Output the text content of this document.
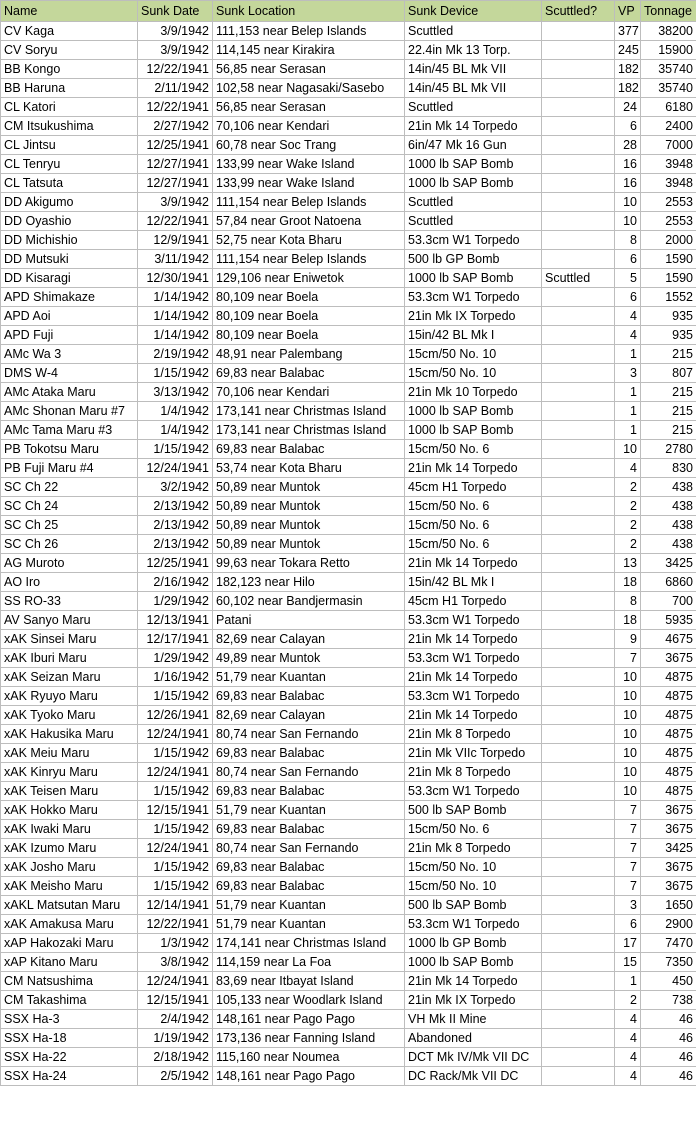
Name	Sunk Date	Sunk Location	Sunk Device	Scuttled?	VP	Tonnage
CV Kaga	3/9/1942	111,153 near Belep Islands	Scuttled		377	38200
CV Soryu	3/9/1942	114,145 near Kirakira	22.4in Mk 13 Torp.		245	15900
BB Kongo	12/22/1941	56,85 near Serasan	14in/45 BL Mk VII		182	35740
BB Haruna	2/11/1942	102,58 near Nagasaki/Sasebo	14in/45 BL Mk VII		182	35740
CL Katori	12/22/1941	56,85 near Serasan	Scuttled		24	6180
CM Itsukushima	2/27/1942	70,106 near Kendari	21in Mk 14 Torpedo		6	2400
CL Jintsu	12/25/1941	60,78 near Soc Trang	6in/47 Mk 16 Gun		28	7000
CL Tenryu	12/27/1941	133,99 near Wake Island	1000 lb SAP Bomb		16	3948
CL Tatsuta	12/27/1941	133,99 near Wake Island	1000 lb SAP Bomb		16	3948
DD Akigumo	3/9/1942	111,154 near Belep Islands	Scuttled		10	2553
DD Oyashio	12/22/1941	57,84 near Groot Natoena	Scuttled		10	2553
DD Michishio	12/9/1941	52,75 near Kota Bharu	53.3cm W1 Torpedo		8	2000
DD Mutsuki	3/11/1942	111,154 near Belep Islands	500 lb GP Bomb		6	1590
DD Kisaragi	12/30/1941	129,106 near Eniwetok	1000 lb SAP Bomb	Scuttled	5	1590
APD Shimakaze	1/14/1942	80,109 near Boela	53.3cm W1 Torpedo		6	1552
APD Aoi	1/14/1942	80,109 near Boela	21in Mk IX Torpedo		4	935
APD Fuji	1/14/1942	80,109 near Boela	15in/42 BL Mk I		4	935
AMc Wa 3	2/19/1942	48,91 near Palembang	15cm/50 No. 10		1	215
DMS W-4	1/15/1942	69,83 near Balabac	15cm/50 No. 10		3	807
AMc Ataka Maru	3/13/1942	70,106 near Kendari	21in Mk 10 Torpedo		1	215
AMc Shonan Maru #7	1/4/1942	173,141 near Christmas Island	1000 lb SAP Bomb		1	215
AMc Tama Maru #3	1/4/1942	173,141 near Christmas Island	1000 lb SAP Bomb		1	215
PB Tokotsu Maru	1/15/1942	69,83 near Balabac	15cm/50 No. 6		10	2780
PB Fuji Maru #4	12/24/1941	53,74 near Kota Bharu	21in Mk 14 Torpedo		4	830
SC Ch 22	3/2/1942	50,89 near Muntok	45cm H1 Torpedo		2	438
SC Ch 24	2/13/1942	50,89 near Muntok	15cm/50 No. 6		2	438
SC Ch 25	2/13/1942	50,89 near Muntok	15cm/50 No. 6		2	438
SC Ch 26	2/13/1942	50,89 near Muntok	15cm/50 No. 6		2	438
AG Muroto	12/25/1941	99,63 near Tokara Retto	21in Mk 14 Torpedo		13	3425
AO Iro	2/16/1942	182,123 near Hilo	15in/42 BL Mk I		18	6860
SS RO-33	1/29/1942	60,102 near Bandjermasin	45cm H1 Torpedo		8	700
AV Sanyo Maru	12/13/1941	Patani	53.3cm W1 Torpedo		18	5935
xAK Sinsei Maru	12/17/1941	82,69 near Calayan	21in Mk 14 Torpedo		9	4675
xAK Iburi Maru	1/29/1942	49,89 near Muntok	53.3cm W1 Torpedo		7	3675
xAK Seizan Maru	1/16/1942	51,79 near Kuantan	21in Mk 14 Torpedo		10	4875
xAK Ryuyo Maru	1/15/1942	69,83 near Balabac	53.3cm W1 Torpedo		10	4875
xAK Tyoko Maru	12/26/1941	82,69 near Calayan	21in Mk 14 Torpedo		10	4875
xAK Hakusika Maru	12/24/1941	80,74 near San Fernando	21in Mk 8 Torpedo		10	4875
xAK Meiu Maru	1/15/1942	69,83 near Balabac	21in Mk VIIc Torpedo		10	4875
xAK Kinryu Maru	12/24/1941	80,74 near San Fernando	21in Mk 8 Torpedo		10	4875
xAK Teisen Maru	1/15/1942	69,83 near Balabac	53.3cm W1 Torpedo		10	4875
xAK Hokko Maru	12/15/1941	51,79 near Kuantan	500 lb SAP Bomb		7	3675
xAK Iwaki Maru	1/15/1942	69,83 near Balabac	15cm/50 No. 6		7	3675
xAK Izumo Maru	12/24/1941	80,74 near San Fernando	21in Mk 8 Torpedo		7	3425
xAK Josho Maru	1/15/1942	69,83 near Balabac	15cm/50 No. 10		7	3675
xAK Meisho Maru	1/15/1942	69,83 near Balabac	15cm/50 No. 10		7	3675
xAKL Matsutan Maru	12/14/1941	51,79 near Kuantan	500 lb SAP Bomb		3	1650
xAK Amakusa Maru	12/22/1941	51,79 near Kuantan	53.3cm W1 Torpedo		6	2900
xAP Hakozaki Maru	1/3/1942	174,141 near Christmas Island	1000 lb GP Bomb		17	7470
xAP Kitano Maru	3/8/1942	114,159 near La Foa	1000 lb SAP Bomb		15	7350
CM Natsushima	12/24/1941	83,69 near Itbayat Island	21in Mk 14 Torpedo		1	450
CM Takashima	12/15/1941	105,133 near Woodlark Island	21in Mk IX Torpedo		2	738
SSX Ha-3	2/4/1942	148,161 near Pago Pago	VH Mk II Mine		4	46
SSX Ha-18	1/19/1942	173,136 near Fanning Island	Abandoned		4	46
SSX Ha-22	2/18/1942	115,160 near Noumea	DCT Mk IV/Mk VII DC		4	46
SSX Ha-24	2/5/1942	148,161 near Pago Pago	DC Rack/Mk VII DC		4	46
